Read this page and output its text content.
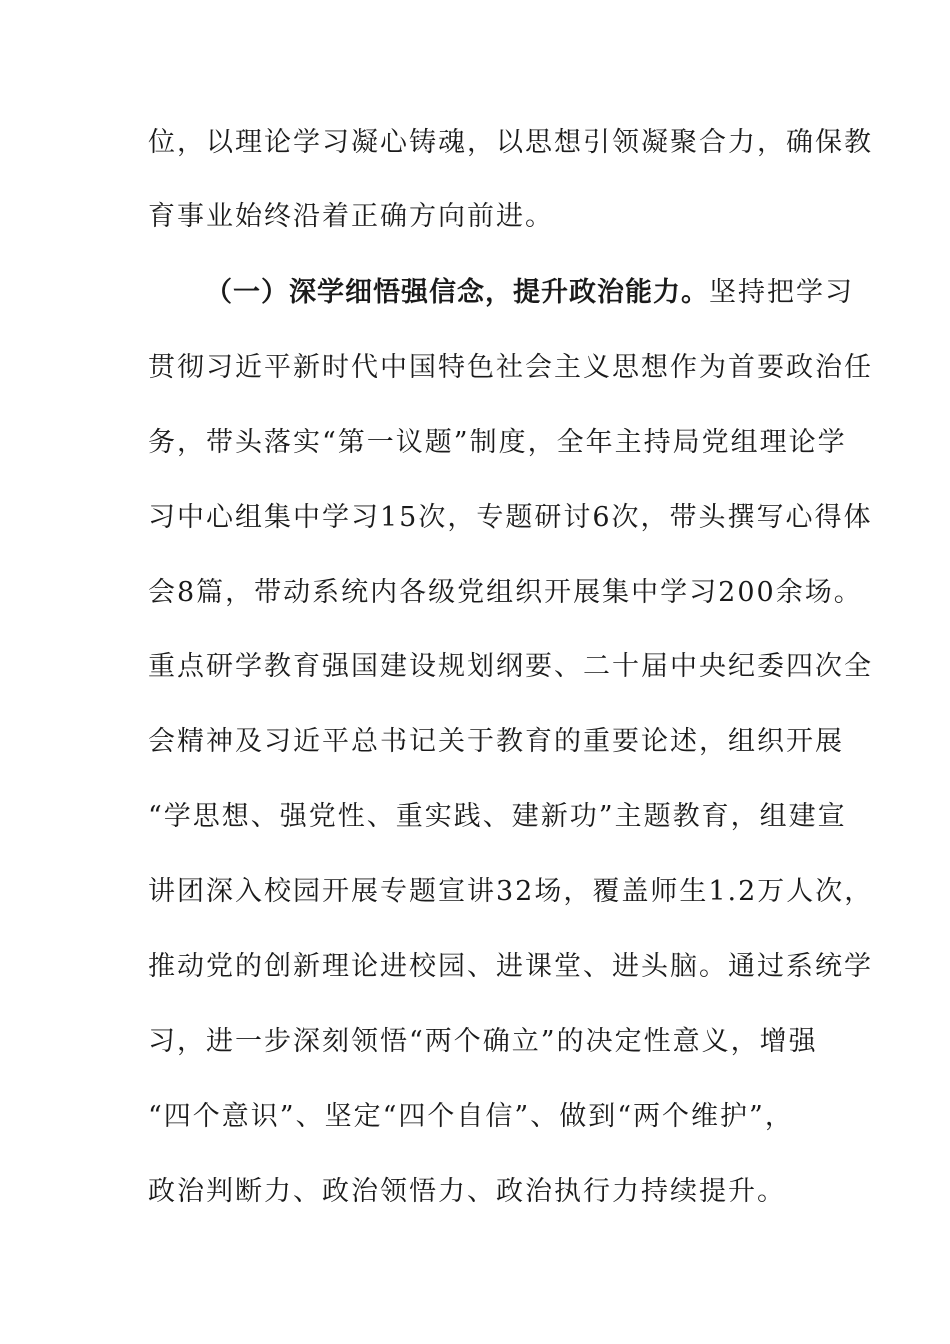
位，以理论学习凝心铸魂，以思想引领凝聚合力，确保教

育事业始终沿着正确方向前进。

（一）深学细悟强信念，提升政治能力。坚持把学习

贯彻习近平新时代中国特色社会主义思想作为首要政治任

务，带头落实“第一议题”制度，全年主持局党组理论学

习中心组集中学习15次，专题研讨6次，带头撰写心得体

会8篇，带动系统内各级党组织开展集中学习200余场。

重点研学教育强国建设规划纲要、二十届中央纪委四次全

会精神及习近平总书记关于教育的重要论述，组织开展

“学思想、强党性、重实践、建新功”主题教育，组建宣

讲团深入校园开展专题宣讲32场，覆盖师生1.2万人次，

推动党的创新理论进校园、进课堂、进头脑。通过系统学

习，进一步深刻领悟“两个确立”的决定性意义，增强

“四个意识”、坚定“四个自信”、做到“两个维护”，

政治判断力、政治领悟力、政治执行力持续提升。
